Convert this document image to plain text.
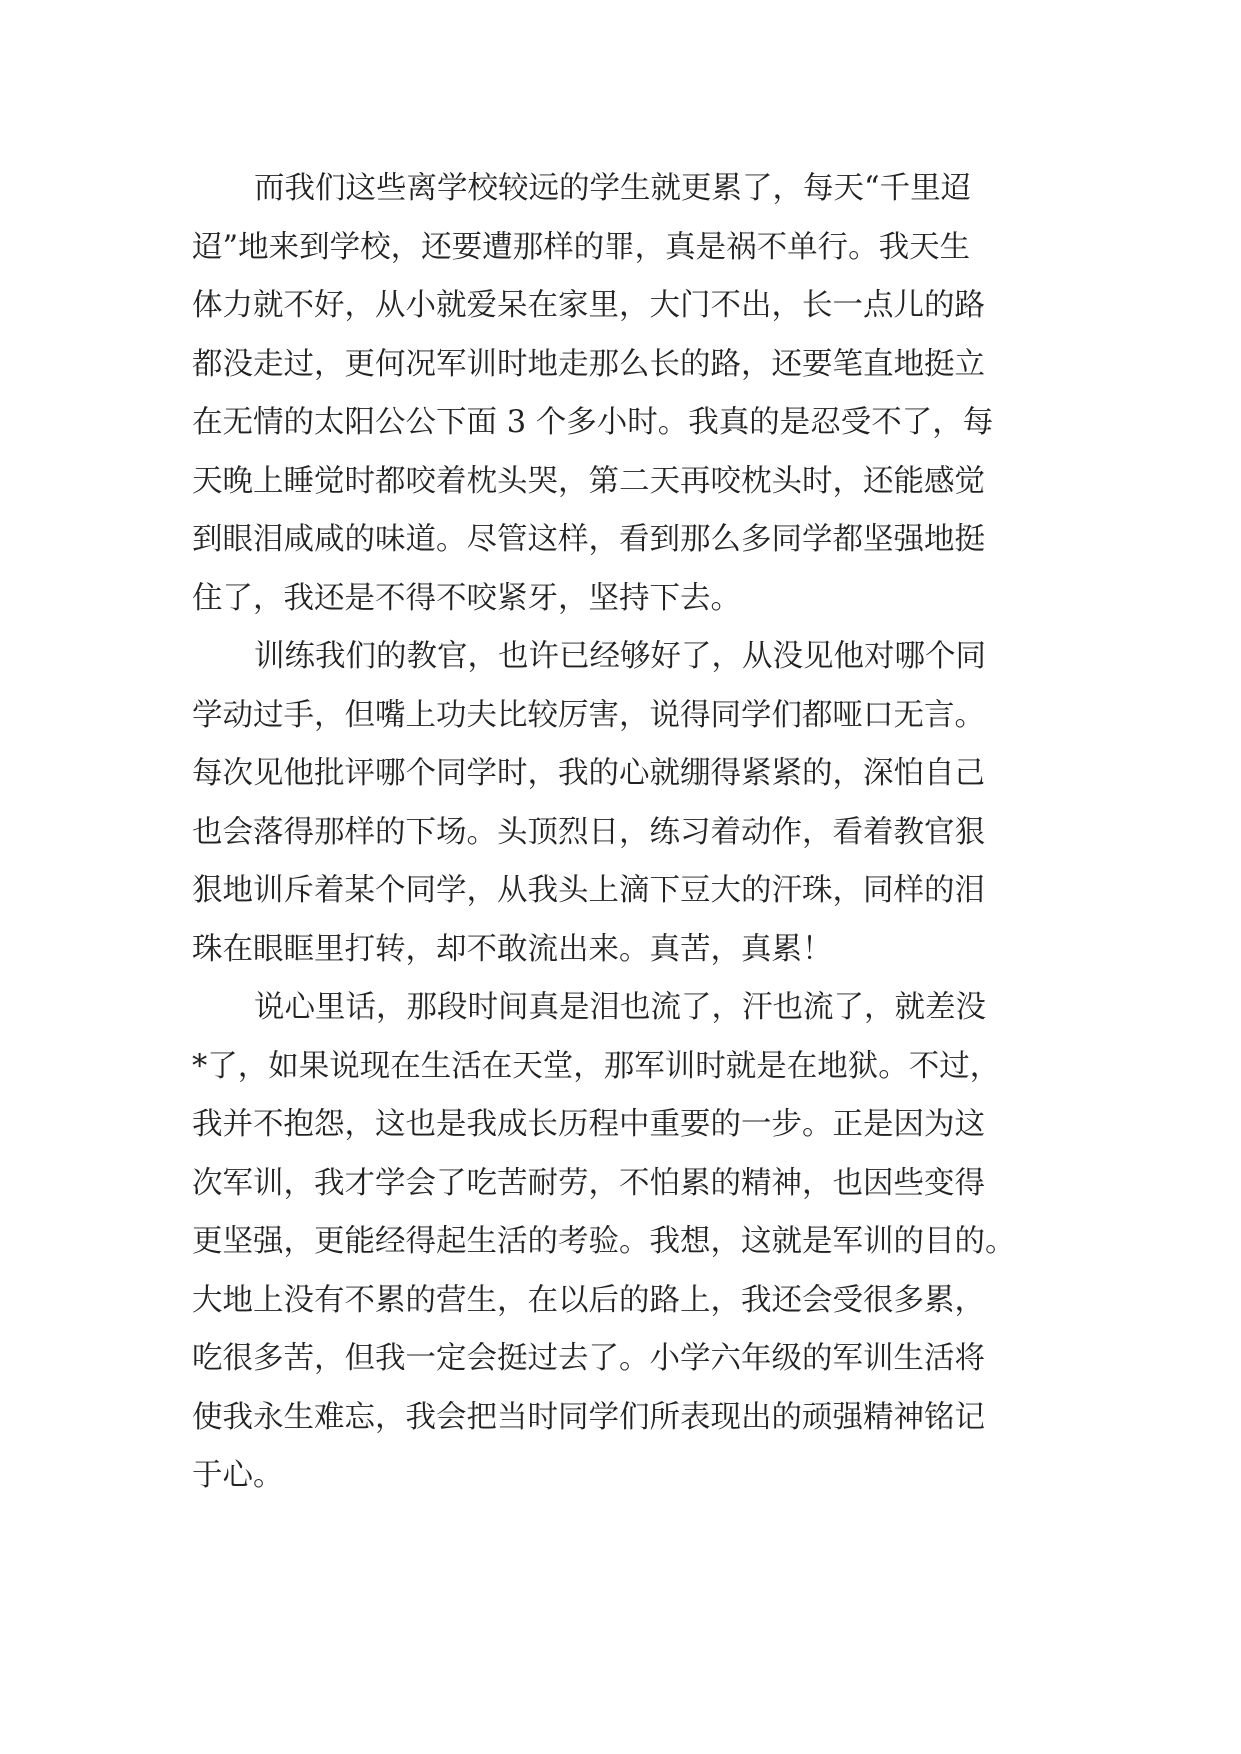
而我们这些离学校较远的学生就更累了，每天“千里迢
迢”地来到学校，还要遭那样的罪，真是祸不单行。我天生
体力就不好，从小就爱呆在家里，大门不出，长一点儿的路
都没走过，更何况军训时地走那么长的路，还要笔直地挺立
在无情的太阳公公下面 3 个多小时。我真的是忍受不了，每
天晚上睡觉时都咬着枕头哭，第二天再咬枕头时，还能感觉
到眼泪咸咸的味道。尽管这样，看到那么多同学都坚强地挺
住了，我还是不得不咬紧牙，坚持下去。
训练我们的教官，也许已经够好了，从没见他对哪个同
学动过手，但嘴上功夫比较厉害，说得同学们都哑口无言。
每次见他批评哪个同学时，我的心就绷得紧紧的，深怕自己
也会落得那样的下场。头顶烈日，练习着动作，看着教官狠
狠地训斥着某个同学，从我头上滴下豆大的汗珠，同样的泪
珠在眼眶里打转，却不敢流出来。真苦，真累！
说心里话，那段时间真是泪也流了，汗也流了，就差没
*了，如果说现在生活在天堂，那军训时就是在地狱。不过，
我并不抱怨，这也是我成长历程中重要的一步。正是因为这
次军训，我才学会了吃苦耐劳，不怕累的精神，也因些变得
更坚强，更能经得起生活的考验。我想，这就是军训的目的。
大地上没有不累的营生，在以后的路上，我还会受很多累，
吃很多苦，但我一定会挺过去了。小学六年级的军训生活将
使我永生难忘，我会把当时同学们所表现出的顽强精神铭记
于心。
